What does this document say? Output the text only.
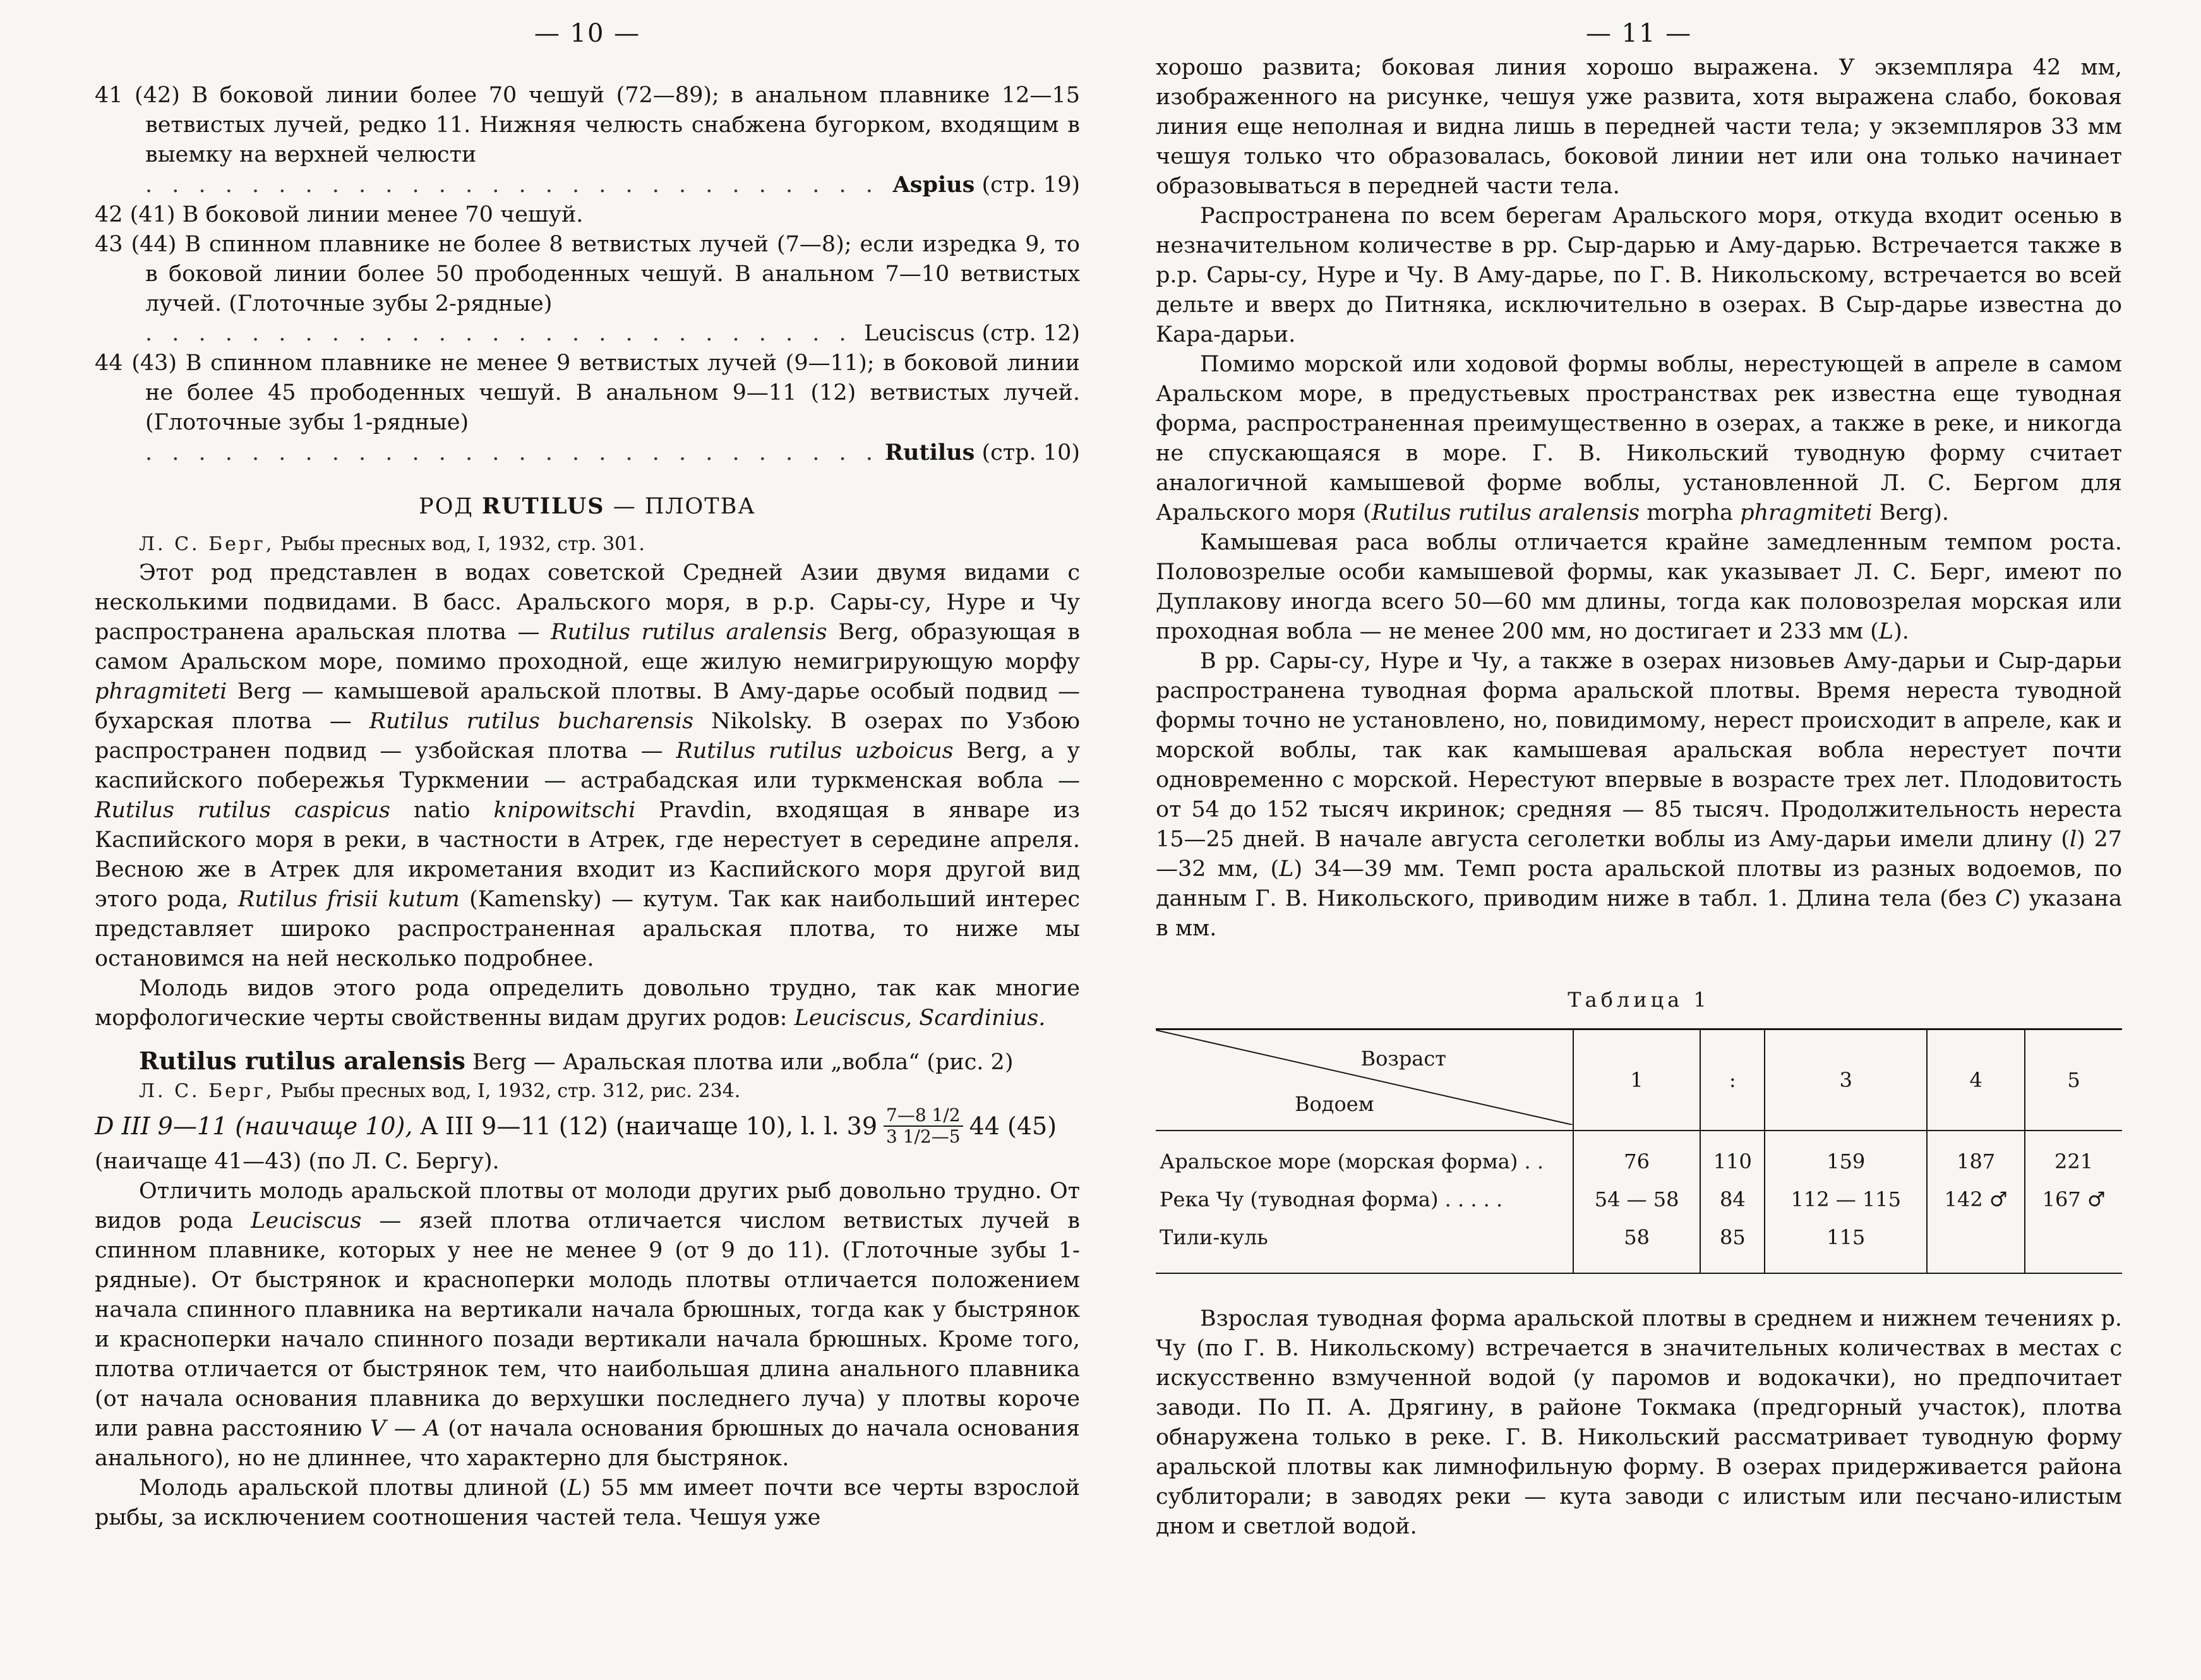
— 10 —

41 (42) В боковой линии более 70 чешуй (72—89); в анальном плавнике 12—15 ветвистых лучей, редко 11. Нижняя челюсть снабжена бугорком, входящим в выемку на верхней челюсти

. . .
Aspius (стр. 19)

42 (41) В боковой линии менее 70 чешуй.

43 (44) В спинном плавнике не более 8 ветвистых лучей (7—8); если изредка 9, то в боковой линии более 50 прободенных чешуй. В анальном 7—10 ветвистых лучей. (Глоточные зубы 2-рядные)

. . .
Leuciscus (стр. 12)

44 (43) В спинном плавнике не менее 9 ветвистых лучей (9—11); в боковой линии не более 45 прободенных чешуй. В анальном 9—11 (12) ветвистых лучей. (Глоточные зубы 1-рядные)

. . .
Rutilus (стр. 10)
РОД RUTILUS — ПЛОТВА

Л. С. Берг, Рыбы пресных вод, I, 1932, стр. 301.

Этот род представлен в водах советской Средней Азии двумя видами с несколькими подвидами. В басс. Аральского моря, в р.р. Сары-су, Нуре и Чу распространена аральская плотва — Rutilus rutilus aralensis Berg, образующая в самом Аральском море, помимо проходной, еще жилую немигрирующую морфу phragmiteti Berg — камышевой аральской плотвы. В Аму-дарье особый подвид — бухарская плотва — Rutilus rutilus bucharensis Nikolsky. В озерах по Узбою распространен подвид — узбойская плотва — Rutilus rutilus uzboicus Berg, а у каспийского побережья Туркмении — астрабадская или туркменская вобла — Rutilus rutilus caspicus natio knipowitschi Pravdin, входящая в январе из Каспийского моря в реки, в частности в Атрек, где нерестует в середине апреля. Весною же в Атрек для икрометания входит из Каспийского моря другой вид этого рода, Rutilus frisii kutum (Kamensky) — кутум. Так как наибольший интерес представляет широко распространенная аральская плотва, то ниже мы остановимся на ней несколько подробнее.

Молодь видов этого рода определить довольно трудно, так как многие морфологические черты свойственны видам других родов: Leuciscus, Scardinius.

Rutilus rutilus aralensis Berg — Аральская плотва или „вобла“ (рис. 2)

Л. С. Берг, Рыбы пресных вод, I, 1932, стр. 312, рис. 234.

D III 9—11 (наичаще 10),
A III 9—11 (12) (наичаще 10),
l. l. $39 \frac{7—8 1/2}{3 1/2—5} 44$ (45)

(наичаще 41—43) (по Л. С. Бергу).

Отличить молодь аральской плотвы от молоди других рыб довольно трудно. От видов рода Leuciscus — язей плотва отличается числом ветвистых лучей в спинном плавнике, которых у нее не менее 9 (от 9 до 11). (Глоточные зубы 1-рядные). От быстрянок и красноперки молодь плотвы отличается положением начала спинного плавника на вертикали начала брюшных, тогда как у быстрянок и красноперки начало спинного позади вертикали начала брюшных. Кроме того, плотва отличается от быстрянок тем, что наибольшая длина анального плавника (от начала основания плавника до верхушки последнего луча) у плотвы короче или равна расстоянию V — A (от начала основания брюшных до начала основания анального), но не длиннее, что характерно для быстрянок.

Молодь аральской плотвы длиной (L) 55 мм имеет почти все черты взрослой рыбы, за исключением соотношения частей тела. Чешуя уже

— 11 —

хорошо развита; боковая линия хорошо выражена. У экземпляра 42 мм, изображенного на рисунке, чешуя уже развита, хотя выражена слабо, боковая линия еще неполная и видна лишь в передней части тела; у экземпляров 33 мм чешуя только что образовалась, боковой линии нет или она только начинает образовываться в передней части тела.

Распространена по всем берегам Аральского моря, откуда входит осенью в незначительном количестве в рр. Сыр-дарью и Аму-дарью. Встречается также в р.р. Сары-су, Нуре и Чу. В Аму-дарье, по Г. В. Никольскому, встречается во всей дельте и вверх до Питняка, исключительно в озерах. В Сыр-дарье известна до Кара-дарьи.

Помимо морской или ходовой формы воблы, нерестующей в апреле в самом Аральском море, в предустьевых пространствах рек известна еще туводная форма, распространенная преимущественно в озерах, а также в реке, и никогда не спускающаяся в море. Г. В. Никольский туводную форму считает аналогичной камышевой форме воблы, установленной Л. С. Бергом для Аральского моря (Rutilus rutilus aralensis morpha phragmiteti Berg).

Камышевая раса воблы отличается крайне замедленным темпом роста. Половозрелые особи камышевой формы, как указывает Л. С. Берг, имеют по Дуплакову иногда всего 50—60 мм длины, тогда как половозрелая морская или проходная вобла — не менее 200 мм, но достигает и 233 мм (L).

В рр. Сары-су, Нуре и Чу, а также в озерах низовьев Аму-дарьи и Сыр-дарьи распространена туводная форма аральской плотвы. Время нереста туводной формы точно не установлено, но, повидимому, нерест происходит в апреле, как и морской воблы, так как камышевая аральская вобла нерестует почти одновременно с морской. Нерестуют впервые в возрасте трех лет. Плодовитость от 54 до 152 тысяч икринок; средняя — 85 тысяч. Продолжительность нереста 15—25 дней. В начале августа сеголетки воблы из Аму-дарьи имели длину (l) 27—32 мм, (L) 34—39 мм. Темп роста аральской плотвы из разных водоемов, по данным Г. В. Никольского, приводим ниже в табл. 1. Длина тела (без C) указана в мм.

Таблица 1
Возраст
Водоем	1	:	3	4	5
Аральское море (морская форма) . .	76	110	159	187	221
Река Чу (туводная форма) . . . . .	54 — 58	84	112 — 115	142 ♂	167 ♂
Тили-куль	58	85	115		

Взрослая туводная форма аральской плотвы в среднем и нижнем течениях р. Чу (по Г. В. Никольскому) встречается в значительных количествах в местах с искусственно взмученной водой (у паромов и водокачки), но предпочитает заводи. По П. А. Дрягину, в районе Токмака (предгорный участок), плотва обнаружена только в реке. Г. В. Никольский рассматривает туводную форму аральской плотвы как лимнофильную форму. В озерах придерживается района сублиторали; в заводях реки — кута заводи с илистым или песчано-илистым дном и светлой водой.
